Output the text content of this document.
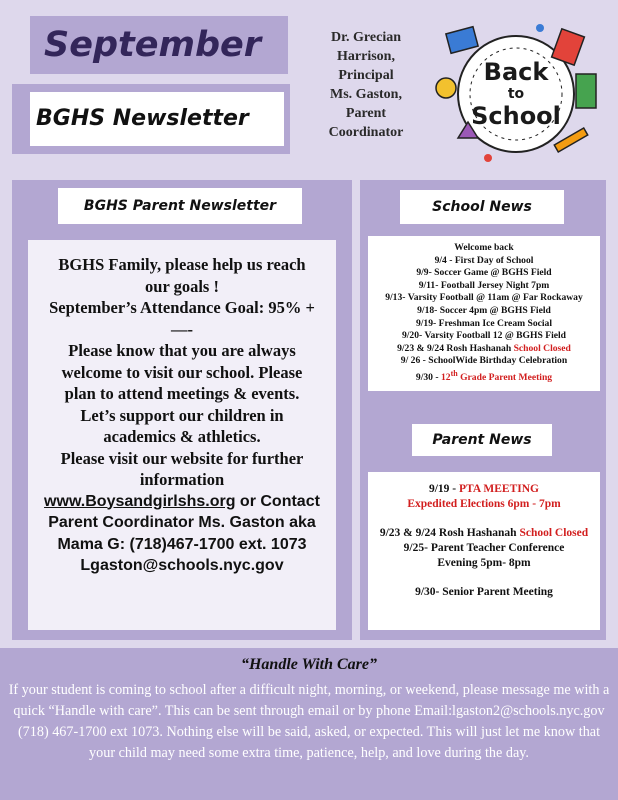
September
BGHS Newsletter
Dr. Grecian
Harrison,
Principal
Ms. Gaston,
Parent
Coordinator
Back
to
School
BGHS Parent Newsletter
BGHS Family, please help us reach
our goals !
September’s Attendance Goal: 95% +
—-
Please know that you are always
welcome to visit our school. Please
plan to attend meetings & events.
Let’s support our children in
academics & athletics.
Please visit our website for further
information
www.Boysandgirlshs.org or Contact
Parent Coordinator Ms. Gaston aka
Mama G: (718)467-1700 ext. 1073
Lgaston@schools.nyc.gov
School News
Welcome back
9/4 - First Day of School
9/9- Soccer Game @ BGHS Field
9/11- Football Jersey Night 7pm
9/13- Varsity Football @ 11am @ Far Rockaway
9/18- Soccer 4pm @ BGHS Field
9/19- Freshman Ice Cream Social
9/20- Varsity Football 12 @ BGHS Field
9/23 & 9/24 Rosh Hashanah School Closed
9/ 26 - SchoolWide Birthday Celebration
9/30 - 12th Grade Parent Meeting
Parent News

9/19 - PTA MEETING
Expedited Elections 6pm - 7pm

9/23 & 9/24 Rosh Hashanah School Closed

9/25- Parent Teacher Conference
Evening 5pm- 8pm

9/30- Senior Parent Meeting

“Handle With Care”
If your student is coming to school after a difficult night, morning, or weekend, please message me with a quick “Handle with care”. This can be sent through email or by phone Email:lgaston2@schools.nyc.gov (718) 467-1700 ext 1073. Nothing else will be said, asked, or expected. This will just let me know that your child may need some extra time, patience, help, and love during the day.
